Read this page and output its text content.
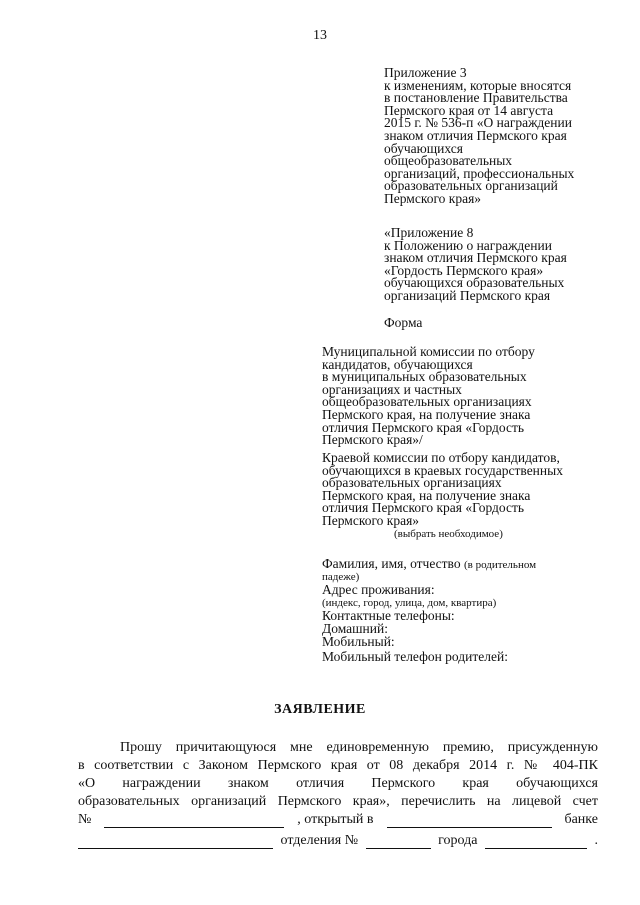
13
Приложение 3
к изменениям, которые вносятся
в постановление Правительства
Пермского края от 14 августа
2015 г. № 536-п «О награждении
знаком отличия Пермского края
обучающихся
общеобразовательных
организаций, профессиональных
образовательных организаций
Пермского края»
«Приложение 8
к Положению о награждении
знаком отличия Пермского края
«Гордость Пермского края»
обучающихся образовательных
организаций Пермского края
Форма
Муниципальной комиссии по отбору
кандидатов, обучающихся
в муниципальных образовательных
организациях и частных
общеобразовательных организациях
Пермского края, на получение знака
отличия Пермского края «Гордость
Пермского края»/
Краевой комиссии по отбору кандидатов,
обучающихся в краевых государственных
образовательных организациях
Пермского края, на получение знака
отличия Пермского края «Гордость
Пермского края»
(выбрать необходимое)
Фамилия, имя, отчество (в родительном
падеже)
Адрес проживания:
(индекс, город, улица, дом, квартира)
Контактные телефоны:
Домашний:
Мобильный:
Мобильный телефон родителей:
ЗАЯВЛЕНИЕ
Прошу причитающуюся мне единовременную премию, присужденную
в соответствии с Законом Пермского края от 08 декабря 2014 г. № 404-ПК
«О награждении знаком отличия Пермского края обучающихся
образовательных организаций Пермского края», перечислить на лицевой счет
№	, открытый в	банке
отделения №	города	.
